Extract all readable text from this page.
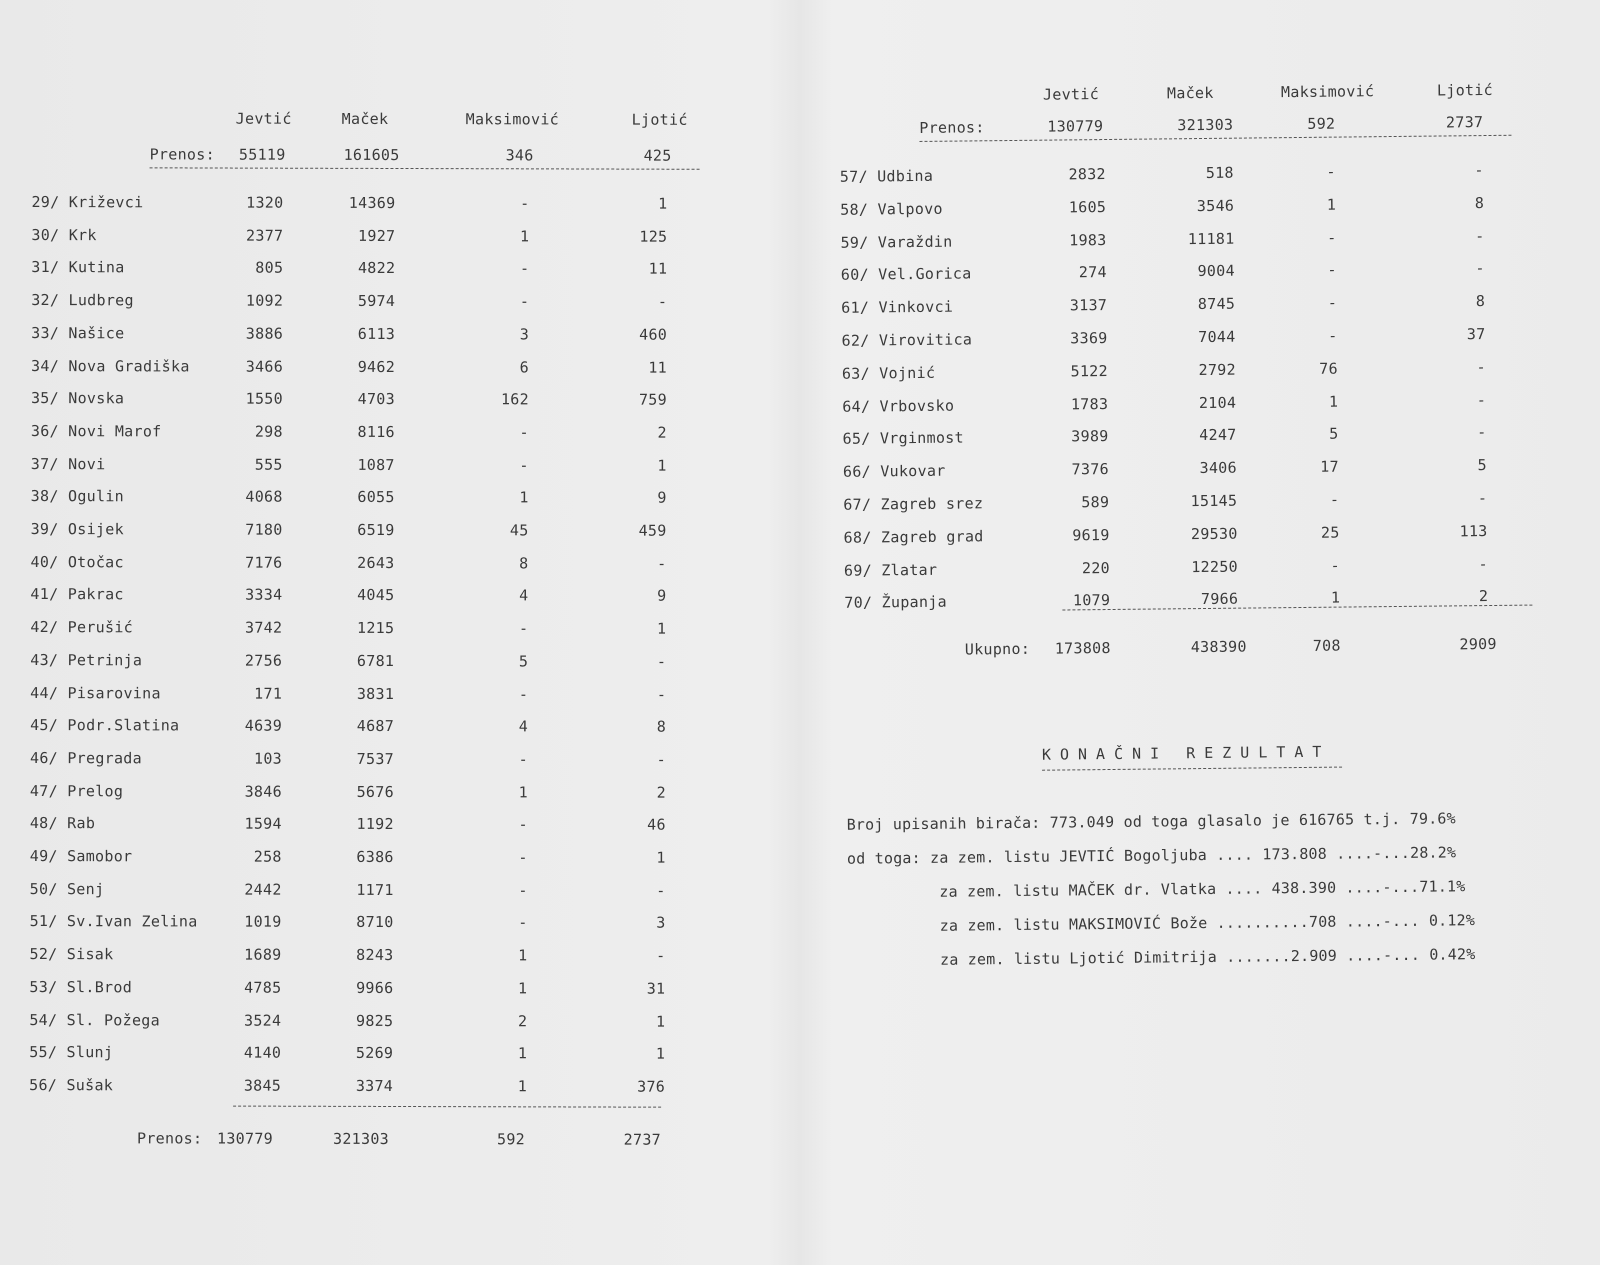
Jevtić	Maček	Maksimović	Ljotić
Prenos:	55119	161605	346	425
29/ Križevci	1320	14369	-	1
30/ Krk	2377	1927	1	125
31/ Kutina	805	4822	-	11
32/ Ludbreg	1092	5974	-	-
33/ Našice	3886	6113	3	460
34/ Nova Gradiška	3466	9462	6	11
35/ Novska	1550	4703	162	759
36/ Novi Marof	298	8116	-	2
37/ Novi	555	1087	-	1
38/ Ogulin	4068	6055	1	9
39/ Osijek	7180	6519	45	459
40/ Otočac	7176	2643	8	-
41/ Pakrac	3334	4045	4	9
42/ Perušić	3742	1215	-	1
43/ Petrinja	2756	6781	5	-
44/ Pisarovina	171	3831	-	-
45/ Podr.Slatina	4639	4687	4	8
46/ Pregrada	103	7537	-	-
47/ Prelog	3846	5676	1	2
48/ Rab	1594	1192	-	46
49/ Samobor	258	6386	-	1
50/ Senj	2442	1171	-	-
51/ Sv.Ivan Zelina	1019	8710	-	3
52/ Sisak	1689	8243	1	-
53/ Sl.Brod	4785	9966	1	31
54/ Sl. Požega	3524	9825	2	1
55/ Slunj	4140	5269	1	1
56/ Sušak	3845	3374	1	376
Prenos: 130779	321303	592	2737
Jevtić	Maček	Maksimović	Ljotić
Prenos:	130779	321303	592	2737
57/ Udbina	2832	518	-	-
58/ Valpovo	1605	3546	1	8
59/ Varaždin	1983	11181	-	-
60/ Vel.Gorica	274	9004	-	-
61/ Vinkovci	3137	8745	-	8
62/ Virovitica	3369	7044	-	37
63/ Vojnić	5122	2792	76	-
64/ Vrbovsko	1783	2104	1	-
65/ Vrginmost	3989	4247	5	-
66/ Vukovar	7376	3406	17	5
67/ Zagreb srez	589	15145	-	-
68/ Zagreb grad	9619	29530	25	113
69/ Zlatar	220	12250	-	-
70/ Županja	1079	7966	1	2
Ukupno:	173808	438390	708	2909
KONAČNI REZULTAT
Broj upisanih birača: 773.049 od toga glasalo je 616765 t.j. 79.6%
od toga: za zem. listu JEVTIĆ Bogoljuba .... 173.808 ....-...28.2%
za zem. listu MAČEK dr. Vlatka .... 438.390 ....-...71.1%
za zem. listu MAKSIMOVIĆ Bože ..........708 ....-... 0.12%
za zem. listu Ljotić Dimitrija .......2.909 ....-... 0.42%
